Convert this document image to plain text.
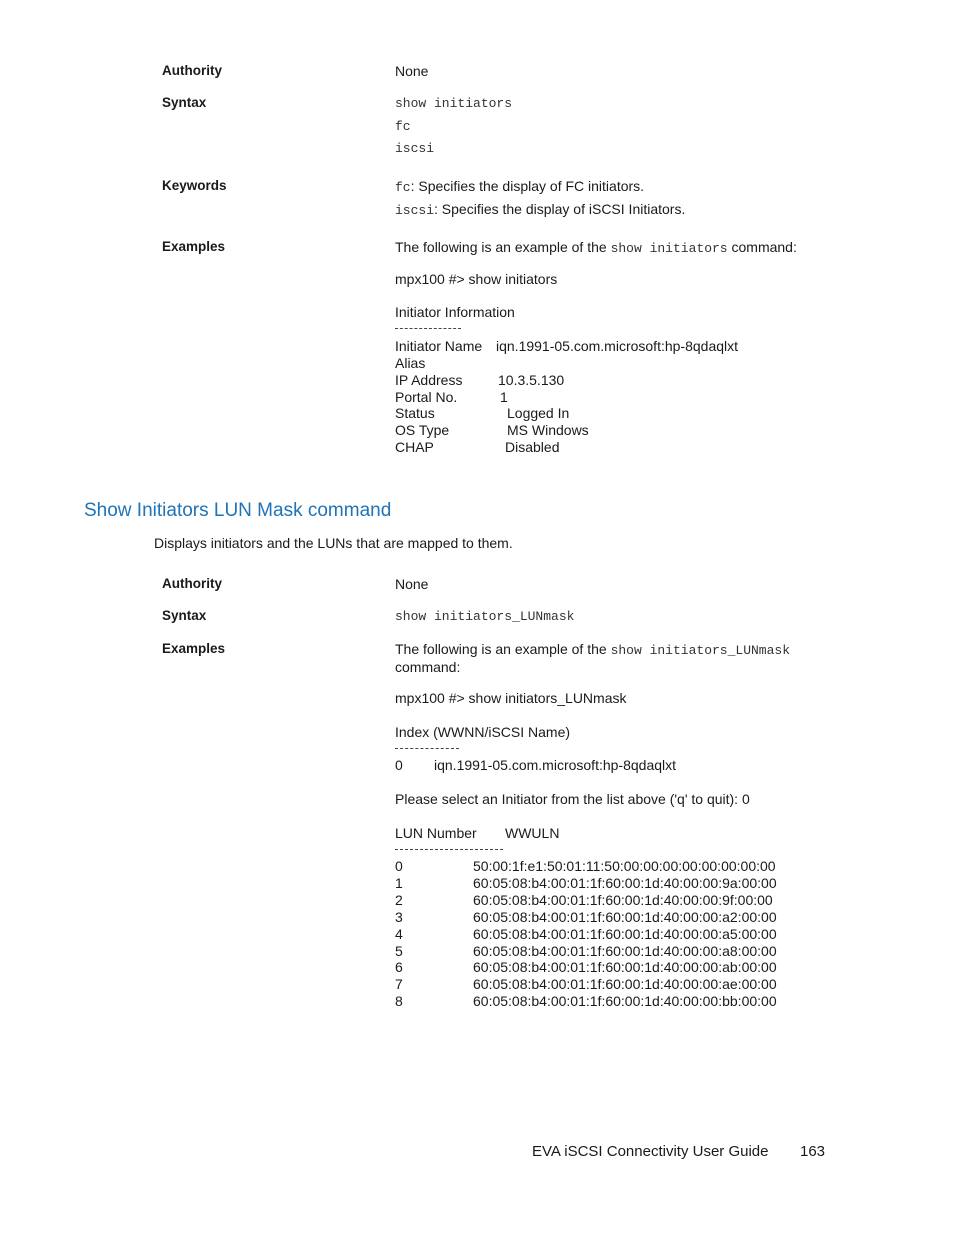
Authority	None
Syntax	show initiators
fc
iscsi
Keywords	fc: Specifies the display of FC initiators.
iscsi: Specifies the display of iSCSI Initiators.
Examples	The following is an example of the show initiators command:
mpx100 #> show initiators
Initiator Information
Initiator Name iqn.1991-05.com.microsoft:hp-8qdaqlxt
Alias
IP Address	10.3.5.130
Portal No.	1
Status	Logged In
OS Type	MS Windows
CHAP	Disabled
Show Initiators LUN Mask command
Displays initiators and the LUNs that are mapped to them.
Authority	None
Syntax	show initiators_LUNmask
Examples	The following is an example of the show initiators_LUNmask
command:
mpx100 #> show initiators_LUNmask
Index (WWNN/iSCSI Name)
0 iqn.1991-05.com.microsoft:hp-8qdaqlxt
Please select an Initiator from the list above ('q' to quit): 0
LUN Number WWULN
0	50:00:1f:e1:50:01:11:50:00:00:00:00:00:00:00:00
1	60:05:08:b4:00:01:1f:60:00:1d:40:00:00:9a:00:00
2	60:05:08:b4:00:01:1f:60:00:1d:40:00:00:9f:00:00
3	60:05:08:b4:00:01:1f:60:00:1d:40:00:00:a2:00:00
4	60:05:08:b4:00:01:1f:60:00:1d:40:00:00:a5:00:00
5	60:05:08:b4:00:01:1f:60:00:1d:40:00:00:a8:00:00
6	60:05:08:b4:00:01:1f:60:00:1d:40:00:00:ab:00:00
7	60:05:08:b4:00:01:1f:60:00:1d:40:00:00:ae:00:00
8	60:05:08:b4:00:01:1f:60:00:1d:40:00:00:bb:00:00
EVA iSCSI Connectivity User Guide 163
